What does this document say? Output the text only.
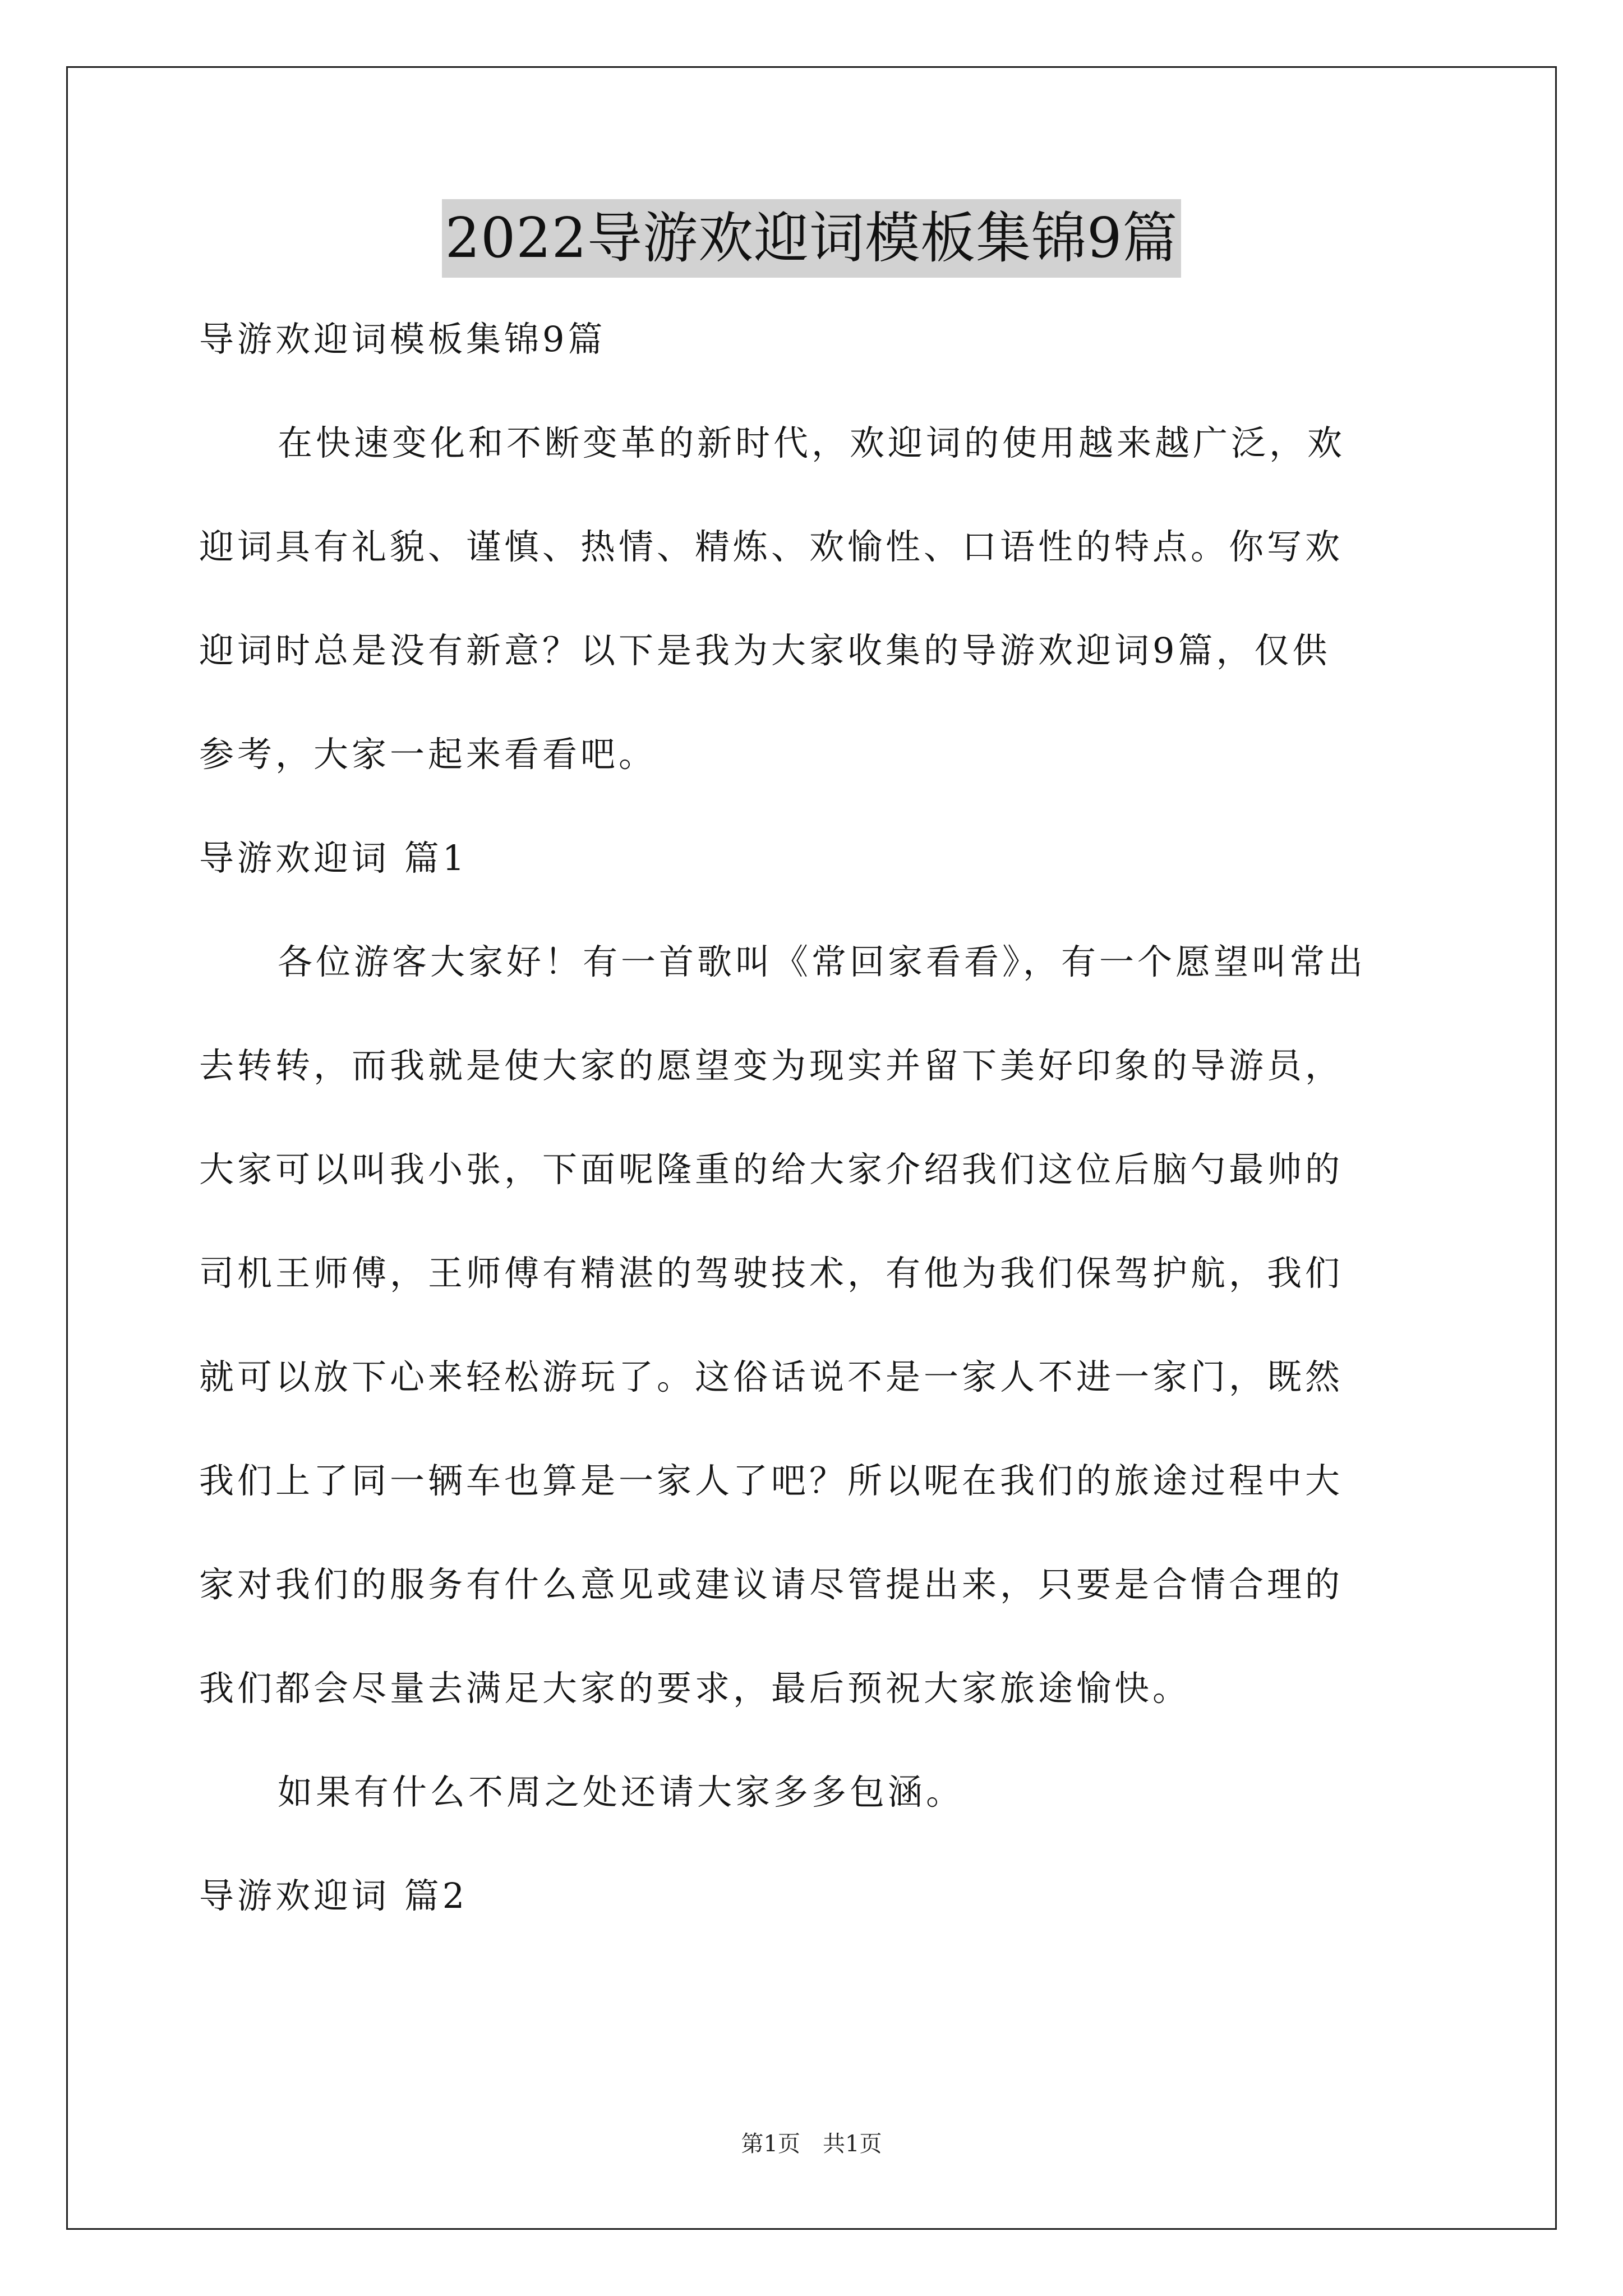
2022导游欢迎词模板集锦9篇
导游欢迎词模板集锦9篇
在快速变化和不断变革的新时代，欢迎词的使用越来越广泛，欢
迎词具有礼貌、谨慎、热情、精炼、欢愉性、口语性的特点。你写欢
迎词时总是没有新意？以下是我为大家收集的导游欢迎词9篇，仅供
参考，大家一起来看看吧。
导游欢迎词 篇1
各位游客大家好！有一首歌叫《常回家看看》，有一个愿望叫常出
去转转，而我就是使大家的愿望变为现实并留下美好印象的导游员，
大家可以叫我小张，下面呢隆重的给大家介绍我们这位后脑勺最帅的
司机王师傅，王师傅有精湛的驾驶技术，有他为我们保驾护航，我们
就可以放下心来轻松游玩了。这俗话说不是一家人不进一家门，既然
我们上了同一辆车也算是一家人了吧？所以呢在我们的旅途过程中大
家对我们的服务有什么意见或建议请尽管提出来，只要是合情合理的
我们都会尽量去满足大家的要求，最后预祝大家旅途愉快。
如果有什么不周之处还请大家多多包涵。
导游欢迎词 篇2
第1页　共1页
